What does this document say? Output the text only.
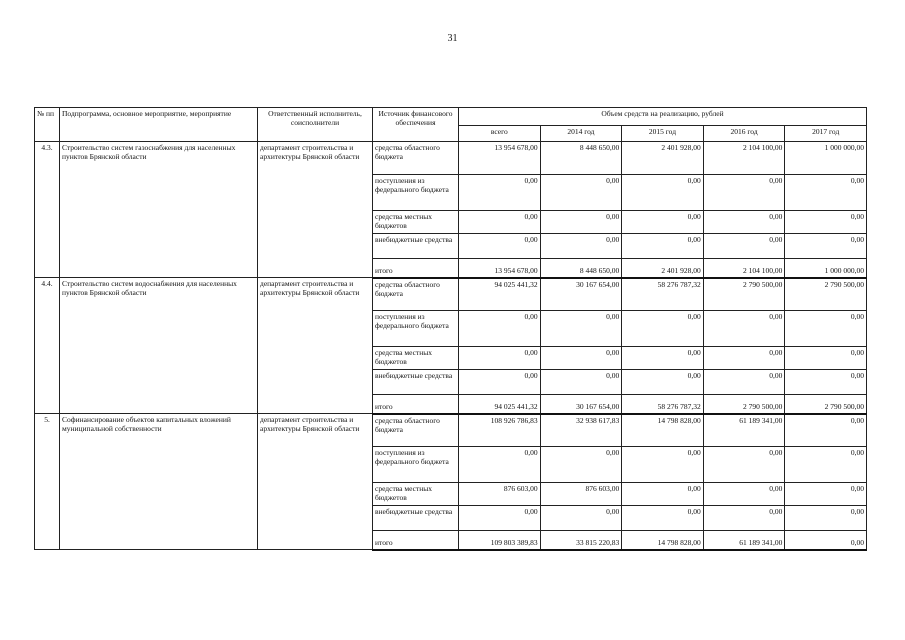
31
№ пп	Подпрограмма, основное мероприятие, мероприятие	Ответственный исполнитель, соисполнители	Источник финансового обеспечения	Объем средств на реализацию, рублей				
				всего	2014 год	2015 год	2016 год	2017 год
4.3.	Строительство систем газоснабжения для населенных пунктов Брянской области	департамент строительства и архитектуры Брянской области	средства областного бюджета	13 954 678,00	8 448 650,00	2 401 928,00	2 104 100,00	1 000 000,00
			поступления из федерального бюджета	0,00	0,00	0,00	0,00	0,00
			средства местных бюджетов	0,00	0,00	0,00	0,00	0,00
			внебюджетные средства	0,00	0,00	0,00	0,00	0,00
			итого	13 954 678,00	8 448 650,00	2 401 928,00	2 104 100,00	1 000 000,00
4.4.	Строительство систем водоснабжения для населенных пунктов Брянской области	департамент строительства и архитектуры Брянской области	средства областного бюджета	94 025 441,32	30 167 654,00	58 276 787,32	2 790 500,00	2 790 500,00
			поступления из федерального бюджета	0,00	0,00	0,00	0,00	0,00
			средства местных бюджетов	0,00	0,00	0,00	0,00	0,00
			внебюджетные средства	0,00	0,00	0,00	0,00	0,00
			итого	94 025 441,32	30 167 654,00	58 276 787,32	2 790 500,00	2 790 500,00
5.	Софинансирование объектов капитальных вложений муниципальной собственности	департамент строительства и архитектуры Брянской области	средства областного бюджета	108 926 786,83	32 938 617,83	14 798 828,00	61 189 341,00	0,00
			поступления из федерального бюджета	0,00	0,00	0,00	0,00	0,00
			средства местных бюджетов	876 603,00	876 603,00	0,00	0,00	0,00
			внебюджетные средства	0,00	0,00	0,00	0,00	0,00
			итого	109 803 389,83	33 815 220,83	14 798 828,00	61 189 341,00	0,00
